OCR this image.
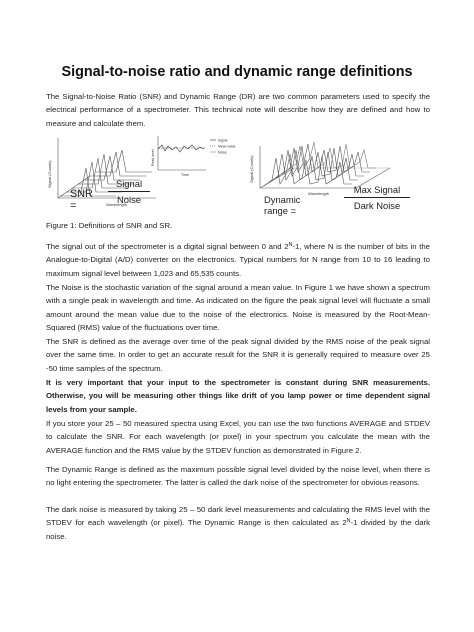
Signal-to-noise ratio and dynamic range definitions

The Signal-to-Noise Ratio (SNR) and Dynamic Range (DR) are two common parameters used to specify the electrical performance of a spectrometer. This technical note will describe how they are defined and how to measure and calculate them.

Signal (Counts)
Wavelength
Peak level
Time
Signal
Mean value
Noise
Signal (Counts)
Wavelength
SNR =
Signal
Noise	Dynamic range =
Max Signal
Dark Noise

Figure 1: Definitions of SNR and SR.

The signal out of the spectrometer is a digital signal between 0 and $2^N-1$, where N is the number of bits in the Analogue-to-Digital (A/D) converter on the electronics. Typical numbers for N range from 10 to 16 leading to maximum signal level between 1,023 and 65,535 counts.

The Noise is the stochastic variation of the signal around a mean value. In Figure 1 we have shown a spectrum with a single peak in wavelength and time. As indicated on the figure the peak signal level will fluctuate a small amount around the mean value due to the noise of the electronics. Noise is measured by the Root-Mean-Squared (RMS) value of the fluctuations over time.

The SNR is defined as the average over time of the peak signal divided by the RMS noise of the peak signal over the same time. In order to get an accurate result for the SNR it is generally required to measure over 25 -50 time samples of the spectrum.

It is very important that your input to the spectrometer is constant during SNR measurements. Otherwise, you will be measuring other things like drift of you lamp power or time dependent signal levels from your sample.

If you store your 25 – 50 measured spectra using Excel, you can use the two functions AVERAGE and STDEV to calculate the SNR. For each wavelength (or pixel) in your spectrum you calculate the mean with the AVERAGE function and the RMS value by the STDEV function as demonstrated in Figure 2.

The Dynamic Range is defined as the maximum possible signal level divided by the noise level, when there is no light entering the spectrometer. The latter is called the dark noise of the spectrometer for obvious reasons.

The dark noise is measured by taking 25 – 50 dark level measurements and calculating the RMS level with the STDEV for each wavelength (or pixel). The Dynamic Range is then calculated as $2^N-1$ divided by the dark noise.
